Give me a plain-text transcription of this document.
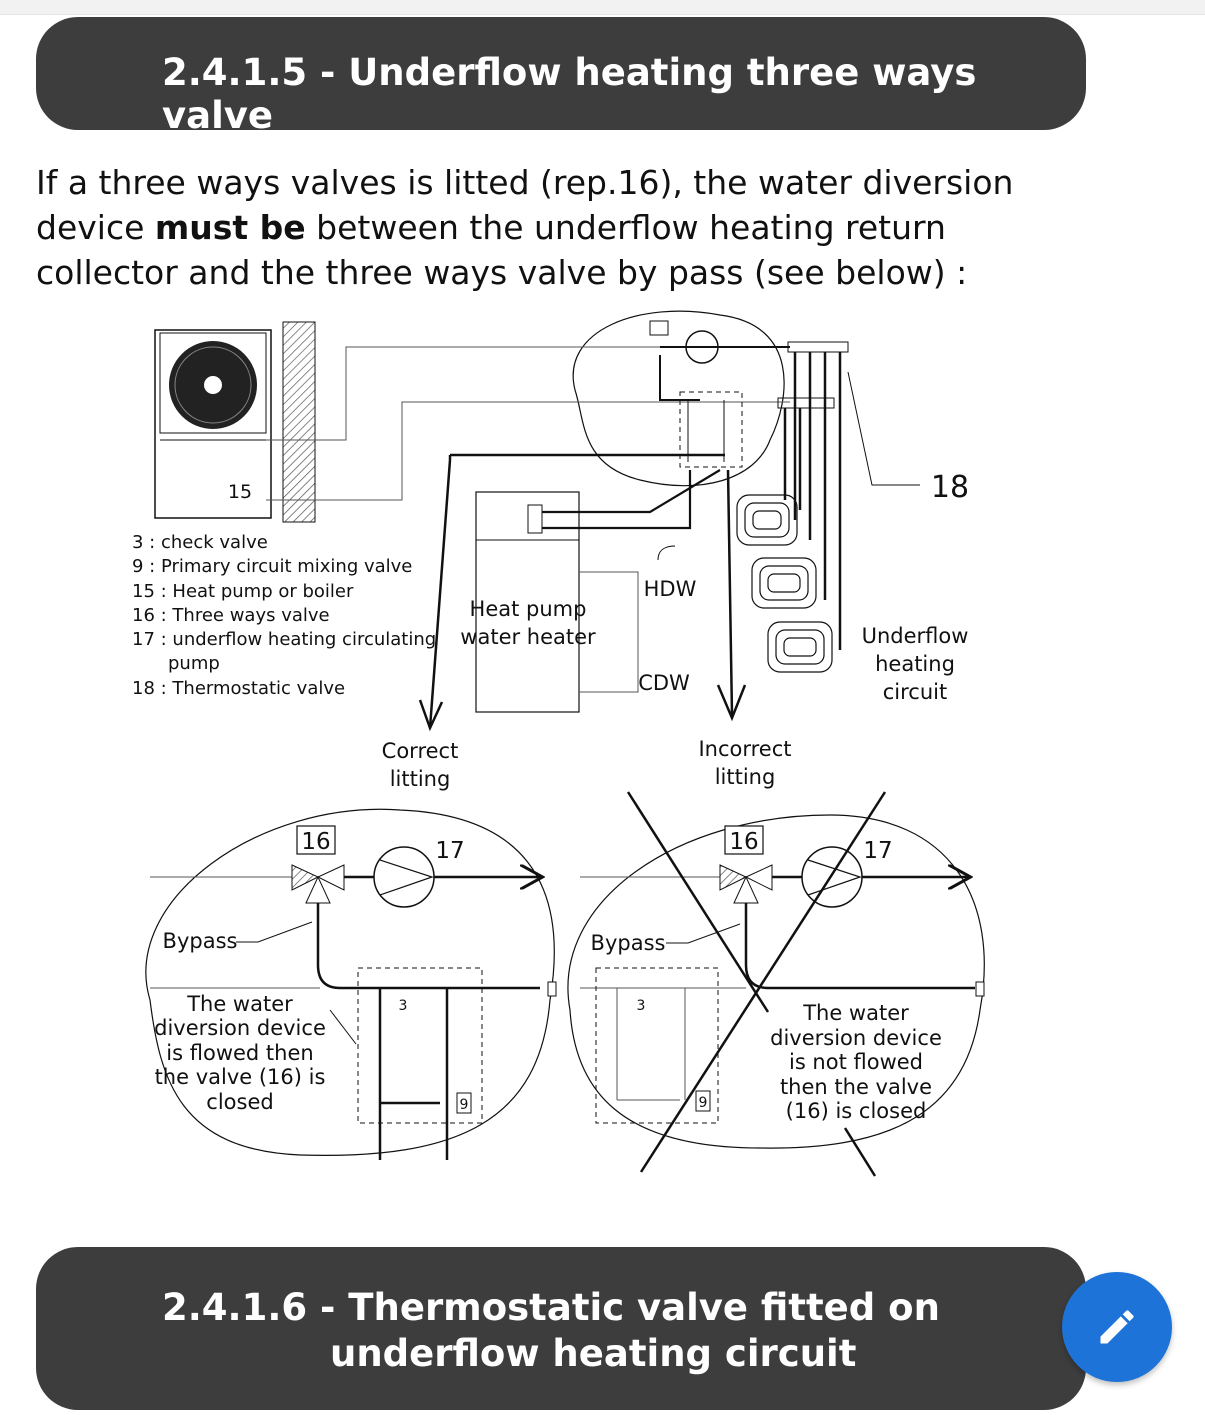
2.4.1.5 - Underflow heating three ways valve
If a three ways valves is litted (rep.16), the water diversion device must be between the underflow heating return collector and the three ways valve by pass (see below) :
15	18
Heat pump
water heater
HDW
CDW
Underflow
heating
circuit
3 : check valve
9 : Primary circuit mixing valve
15 : Heat pump or boiler
16 : Three ways valve
17 : underflow heating circulating
pump
18 : Thermostatic valve
Correct
litting
Incorrect
litting
16	17
3
9
Bypass
The water
diversion device
is flowed then
the valve (16) is
closed
16	17
3
9
Bypass
The water
diversion device
is not flowed
then the valve
(16) is closed
2.4.1.6 - Thermostatic valve fitted on
underflow heating circuit
